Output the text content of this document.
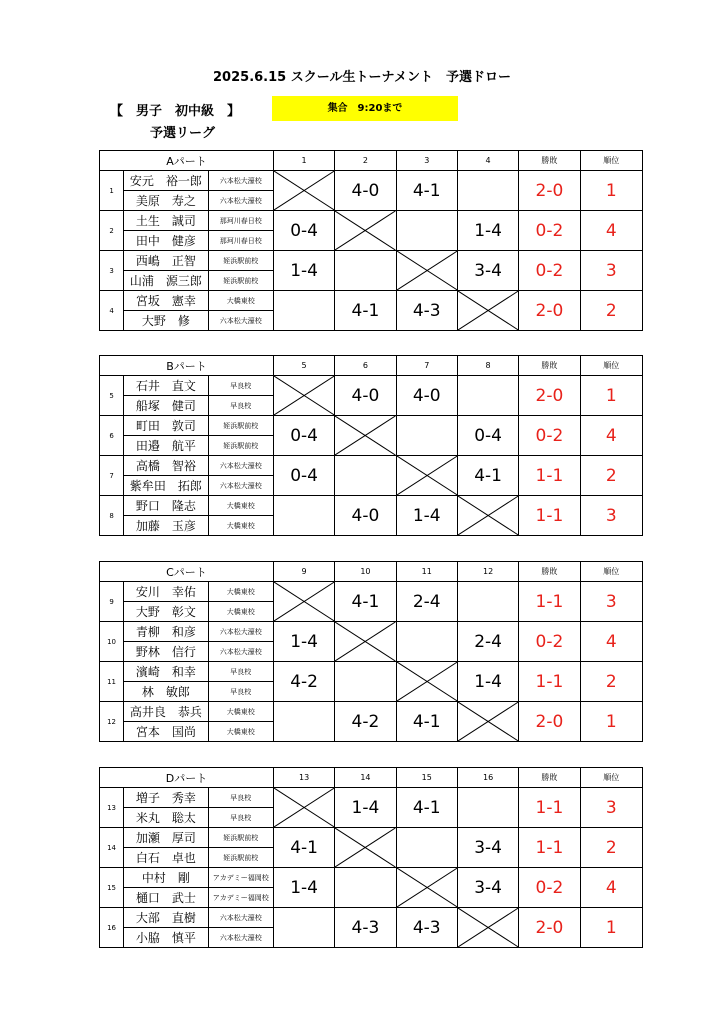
2025.6.15 スクール生トーナメント　予選ドロー
【　男子　初中級　】
予選リーグ
集合　9:20まで
Aパート			1	2	3	4	勝敗	順位
1	安元　裕一郎	六本松大濠校		4-0	4-1		2-0	1
	美原　寿之	六本松大濠校						
2	土生　誠司	那珂川春日校	0-4			1-4	0-2	4
	田中　健彦	那珂川春日校						
3	西嶋　正智	姪浜駅前校	1-4			3-4	0-2	3
	山浦　源三郎	姪浜駅前校						
4	宮坂　憲幸	大橋東校		4-1	4-3		2-0	2
	大野　修	六本松大濠校						
Bパート			5	6	7	8	勝敗	順位
5	石井　直文	早良校		4-0	4-0		2-0	1
	船塚　健司	早良校						
6	町田　敦司	姪浜駅前校	0-4			0-4	0-2	4
	田邉　航平	姪浜駅前校						
7	高橋　智裕	六本松大濠校	0-4			4-1	1-1	2
	紫牟田　拓郎	六本松大濠校						
8	野口　隆志	大橋東校		4-0	1-4		1-1	3
	加藤　玉彦	大橋東校						
Cパート			9	10	11	12	勝敗	順位
9	安川　幸佑	大橋東校		4-1	2-4		1-1	3
	大野　彰文	大橋東校						
10	青柳　和彦	六本松大濠校	1-4			2-4	0-2	4
	野林　信行	六本松大濠校						
11	濱崎　和幸	早良校	4-2			1-4	1-1	2
	林　敏郎	早良校						
12	高井良　恭兵	大橋東校		4-2	4-1		2-0	1
	宮本　国尚	大橋東校						
Dパート			13	14	15	16	勝敗	順位
13	増子　秀幸	早良校		1-4	4-1		1-1	3
	米丸　聡太	早良校						
14	加瀬　厚司	姪浜駅前校	4-1			3-4	1-1	2
	白石　卓也	姪浜駅前校						
15	中村　剛	アカデミー福岡校	1-4			3-4	0-2	4
	樋口　武士	アカデミー福岡校						
16	大部　直樹	六本松大濠校		4-3	4-3		2-0	1
	小脇　慎平	六本松大濠校						
